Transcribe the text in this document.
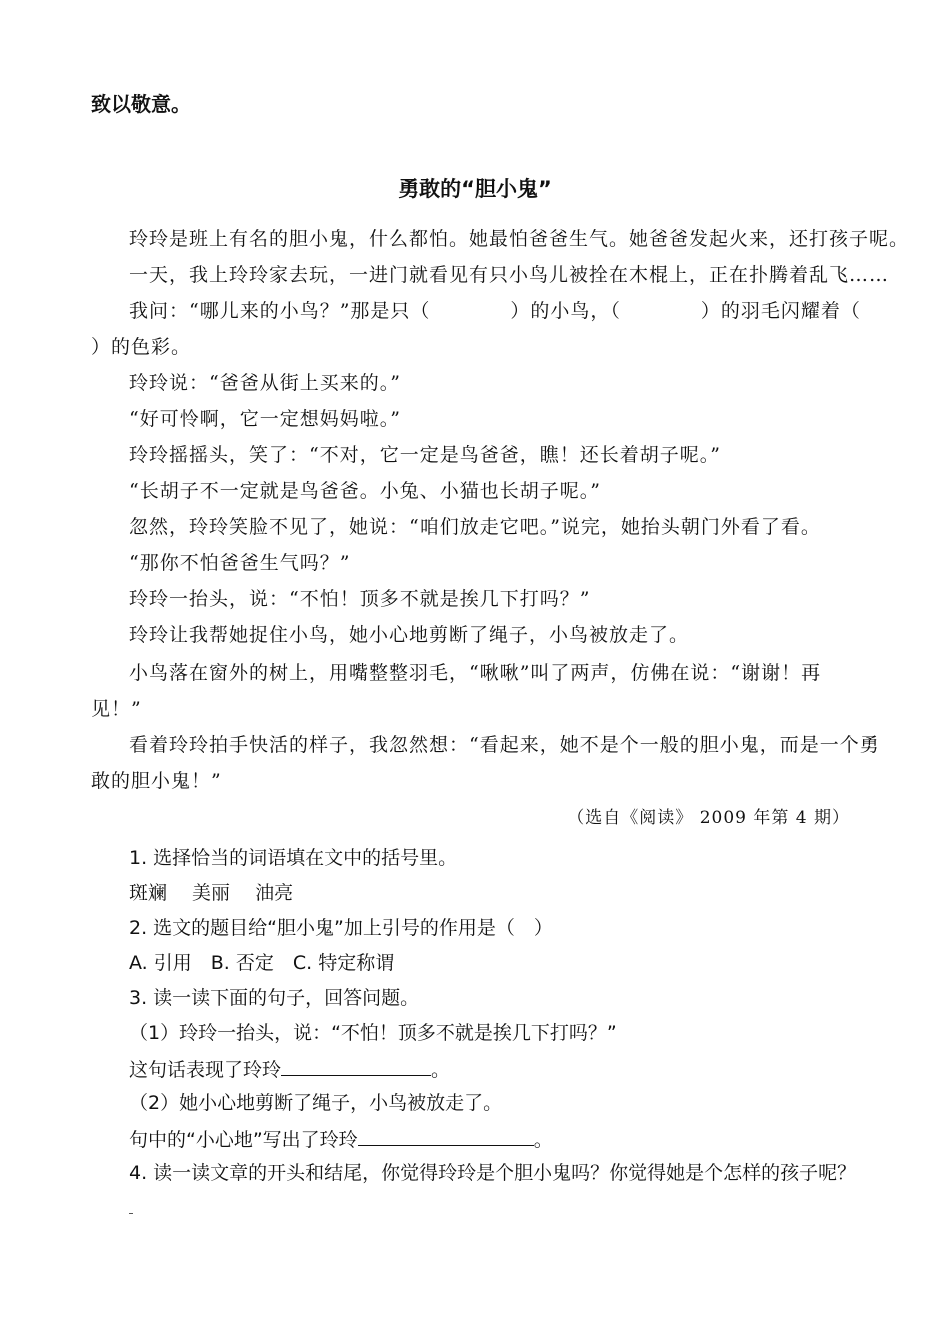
致以敬意。
勇敢的“胆小鬼”
玲玲是班上有名的胆小鬼，什么都怕。她最怕爸爸生气。她爸爸发起火来，还打孩子呢。
一天，我上玲玲家去玩，一进门就看见有只小鸟儿被拴在木棍上，正在扑腾着乱飞……
我问：“哪儿来的小鸟？”那是只（　　　　）的小鸟，（　　　　）的羽毛闪耀着（
）的色彩。
玲玲说：“爸爸从街上买来的。”
“好可怜啊，它一定想妈妈啦。”
玲玲摇摇头，笑了：“不对，它一定是鸟爸爸，瞧！还长着胡子呢。”
“长胡子不一定就是鸟爸爸。小兔、小猫也长胡子呢。”
忽然，玲玲笑脸不见了，她说：“咱们放走它吧。”说完，她抬头朝门外看了看。
“那你不怕爸爸生气吗？”
玲玲一抬头，说：“不怕！顶多不就是挨几下打吗？”
玲玲让我帮她捉住小鸟，她小心地剪断了绳子，小鸟被放走了。
小鸟落在窗外的树上，用嘴整整羽毛，“啾啾”叫了两声，仿佛在说：“谢谢！再
见！”
看着玲玲拍手快活的样子，我忽然想：“看起来，她不是个一般的胆小鬼，而是一个勇
敢的胆小鬼！”
（选自《阅读》 2009 年第 4 期）
1. 选择恰当的词语填在文中的括号里。
斑斓　 美丽　 油亮
2. 选文的题目给“胆小鬼”加上引号的作用是（　）
A. 引用　B. 否定　C. 特定称谓
3. 读一读下面的句子，回答问题。
（1）玲玲一抬头，说：“不怕！顶多不就是挨几下打吗？”
这句话表现了玲玲	。
（2）她小心地剪断了绳子，小鸟被放走了。
句中的“小心地”写出了玲玲	。
4. 读一读文章的开头和结尾，你觉得玲玲是个胆小鬼吗？你觉得她是个怎样的孩子呢？
